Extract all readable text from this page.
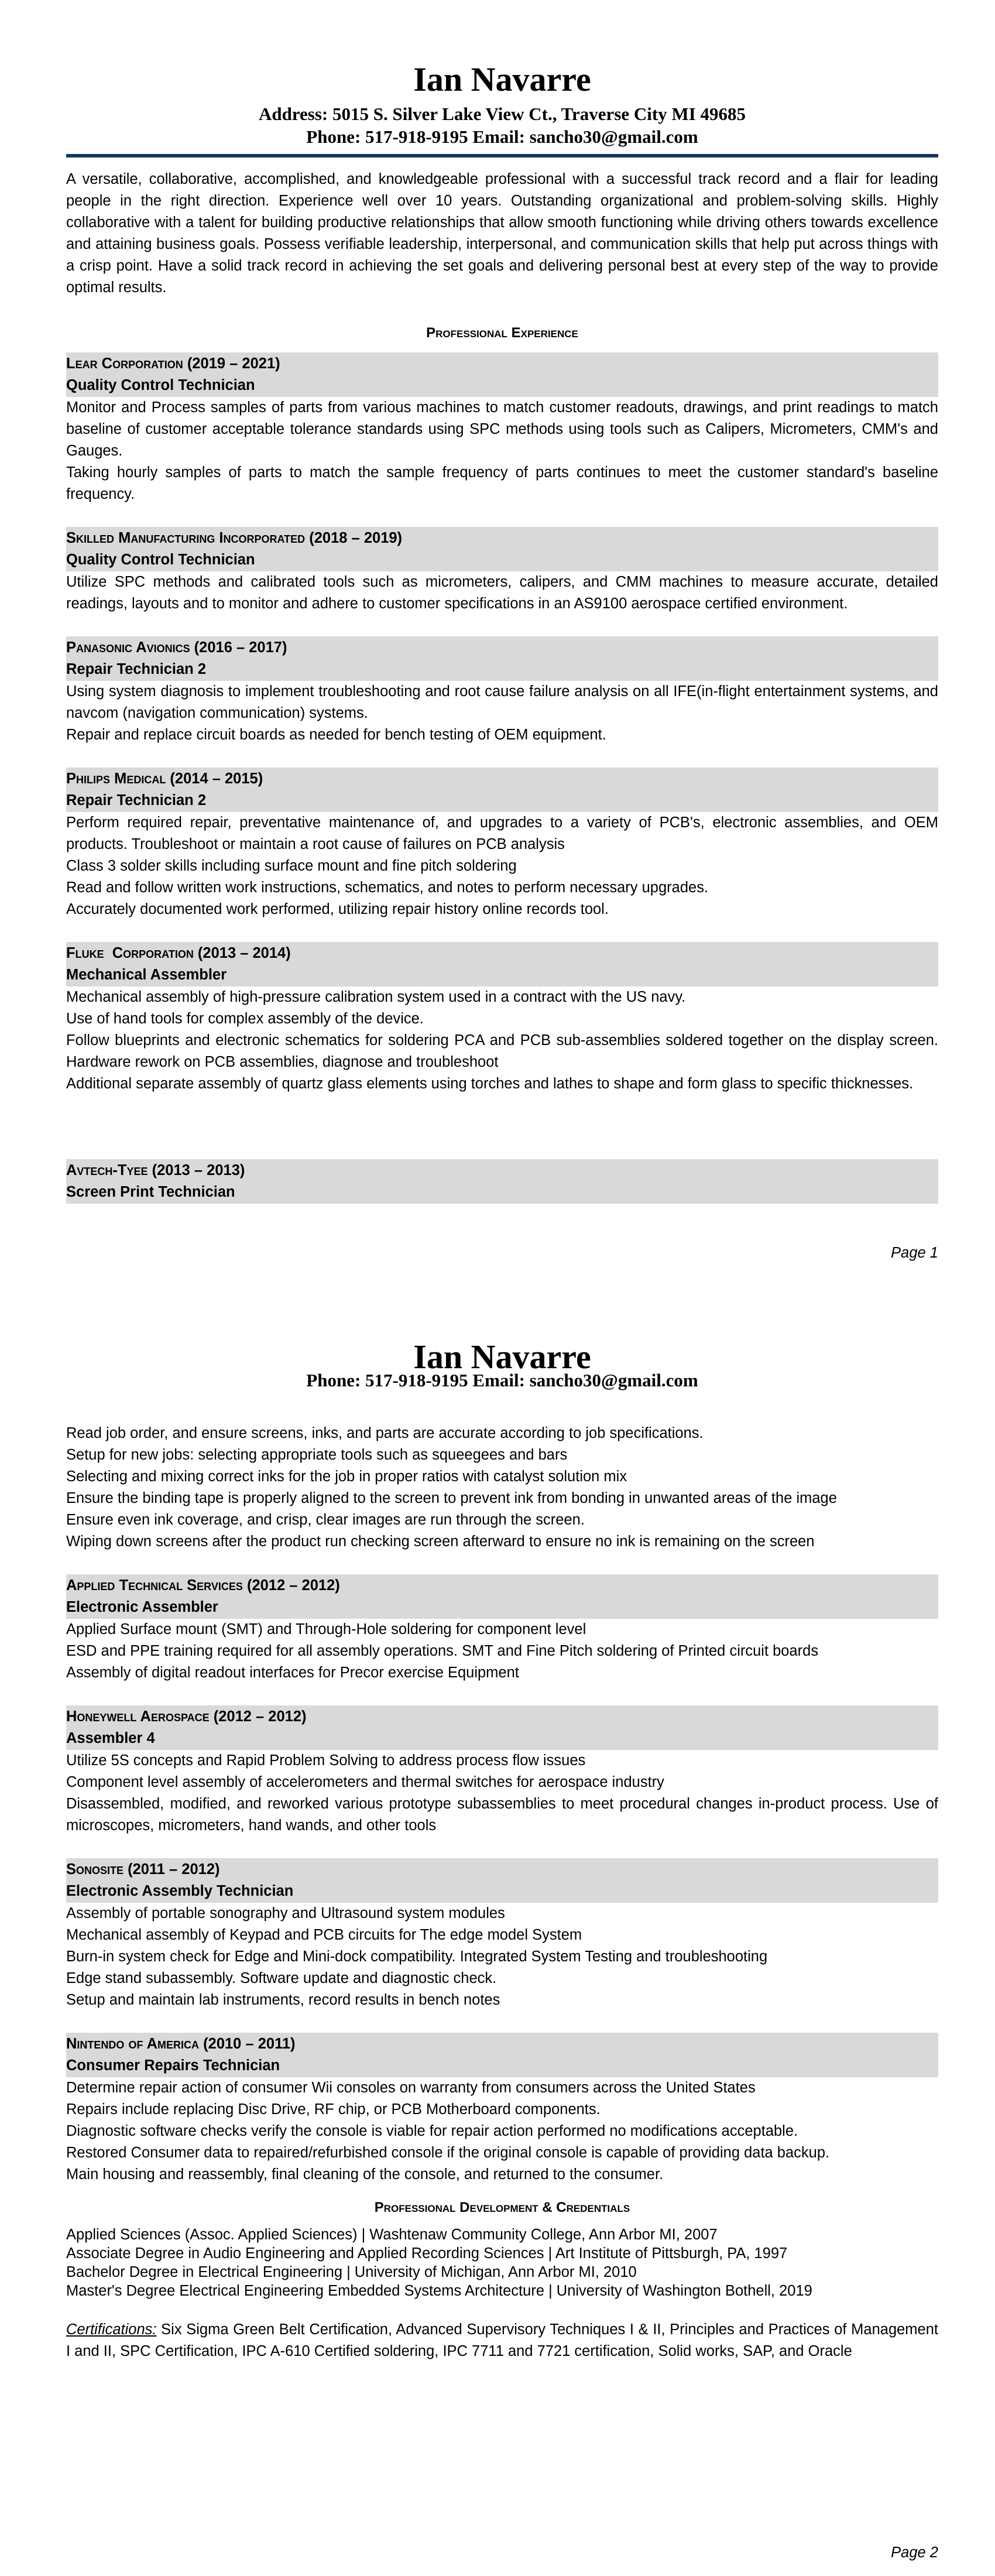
Ian Navarre
Address: 5015 S. Silver Lake View Ct., Traverse City MI 49685
Phone: 517-918-9195 Email: sancho30@gmail.com
A versatile, collaborative, accomplished, and knowledgeable professional with a successful track record and a flair for leading people in the right direction. Experience well over 10 years. Outstanding organizational and problem-solving skills. Highly collaborative with a talent for building productive relationships that allow smooth functioning while driving others towards excellence and attaining business goals. Possess verifiable leadership, interpersonal, and communication skills that help put across things with a crisp point. Have a solid track record in achieving the set goals and delivering personal best at every step of the way to provide optimal results.
Professional Experience
Lear Corporation (2019 – 2021)
Quality Control Technician
Monitor and Process samples of parts from various machines to match customer readouts, drawings, and print readings to match baseline of customer acceptable tolerance standards using SPC methods using tools such as Calipers, Micrometers, CMM's and Gauges.
Taking hourly samples of parts to match the sample frequency of parts continues to meet the customer standard's baseline frequency.
Skilled Manufacturing Incorporated (2018 – 2019)
Quality Control Technician
Utilize SPC methods and calibrated tools such as micrometers, calipers, and CMM machines to measure accurate, detailed readings, layouts and to monitor and adhere to customer specifications in an AS9100 aerospace certified environment.
Panasonic Avionics (2016 – 2017)
Repair Technician 2
Using system diagnosis to implement troubleshooting and root cause failure analysis on all IFE(in-flight entertainment systems, and navcom (navigation communication) systems.
Repair and replace circuit boards as needed for bench testing of OEM equipment.
Philips Medical (2014 – 2015)
Repair Technician 2
Perform required repair, preventative maintenance of, and upgrades to a variety of PCB's, electronic assemblies, and OEM products. Troubleshoot or maintain a root cause of failures on PCB analysis
Class 3 solder skills including surface mount and fine pitch soldering
Read and follow written work instructions, schematics, and notes to perform necessary upgrades.
Accurately documented work performed, utilizing repair history online records tool.
Fluke  Corporation (2013 – 2014)
Mechanical Assembler
Mechanical assembly of high-pressure calibration system used in a contract with the US navy.
Use of hand tools for complex assembly of the device.
Follow blueprints and electronic schematics for soldering PCA and PCB sub-assemblies soldered together on the display screen. Hardware rework on PCB assemblies, diagnose and troubleshoot
Additional separate assembly of quartz glass elements using torches and lathes to shape and form glass to specific thicknesses.
Avtech-Tyee (2013 – 2013)
Screen Print Technician
Page 1
Ian Navarre
Phone: 517-918-9195 Email: sancho30@gmail.com
Read job order, and ensure screens, inks, and parts are accurate according to job specifications.
Setup for new jobs: selecting appropriate tools such as squeegees and bars
Selecting and mixing correct inks for the job in proper ratios with catalyst solution mix
Ensure the binding tape is properly aligned to the screen to prevent ink from bonding in unwanted areas of the image
Ensure even ink coverage, and crisp, clear images are run through the screen.
Wiping down screens after the product run checking screen afterward to ensure no ink is remaining on the screen
Applied Technical Services (2012 – 2012)
Electronic Assembler
Applied Surface mount (SMT) and Through-Hole soldering for component level
ESD and PPE training required for all assembly operations. SMT and Fine Pitch soldering of Printed circuit boards
Assembly of digital readout interfaces for Precor exercise Equipment
Honeywell Aerospace (2012 – 2012)
Assembler 4
Utilize 5S concepts and Rapid Problem Solving to address process flow issues
Component level assembly of accelerometers and thermal switches for aerospace industry
Disassembled, modified, and reworked various prototype subassemblies to meet procedural changes in-product process. Use of microscopes, micrometers, hand wands, and other tools
Sonosite (2011 – 2012)
Electronic Assembly Technician
Assembly of portable sonography and Ultrasound system modules
Mechanical assembly of Keypad and PCB circuits for The edge model System
Burn-in system check for Edge and Mini-dock compatibility. Integrated System Testing and troubleshooting
Edge stand subassembly. Software update and diagnostic check.
Setup and maintain lab instruments, record results in bench notes
Nintendo of America (2010 – 2011)
Consumer Repairs Technician
Determine repair action of consumer Wii consoles on warranty from consumers across the United States
Repairs include replacing Disc Drive, RF chip, or PCB Motherboard components.
Diagnostic software checks verify the console is viable for repair action performed no modifications acceptable.
Restored Consumer data to repaired/refurbished console if the original console is capable of providing data backup.
Main housing and reassembly, final cleaning of the console, and returned to the consumer.
Professional Development & Credentials
Applied Sciences (Assoc. Applied Sciences) | Washtenaw Community College, Ann Arbor MI, 2007
Associate Degree in Audio Engineering and Applied Recording Sciences | Art Institute of Pittsburgh, PA, 1997
Bachelor Degree in Electrical Engineering | University of Michigan, Ann Arbor MI, 2010
Master's Degree Electrical Engineering Embedded Systems Architecture | University of Washington Bothell, 2019
Certifications: Six Sigma Green Belt Certification, Advanced Supervisory Techniques I & II, Principles and Practices of Management I and II, SPC Certification, IPC A-610 Certified soldering, IPC 7711 and 7721 certification, Solid works, SAP, and Oracle
Page 2
